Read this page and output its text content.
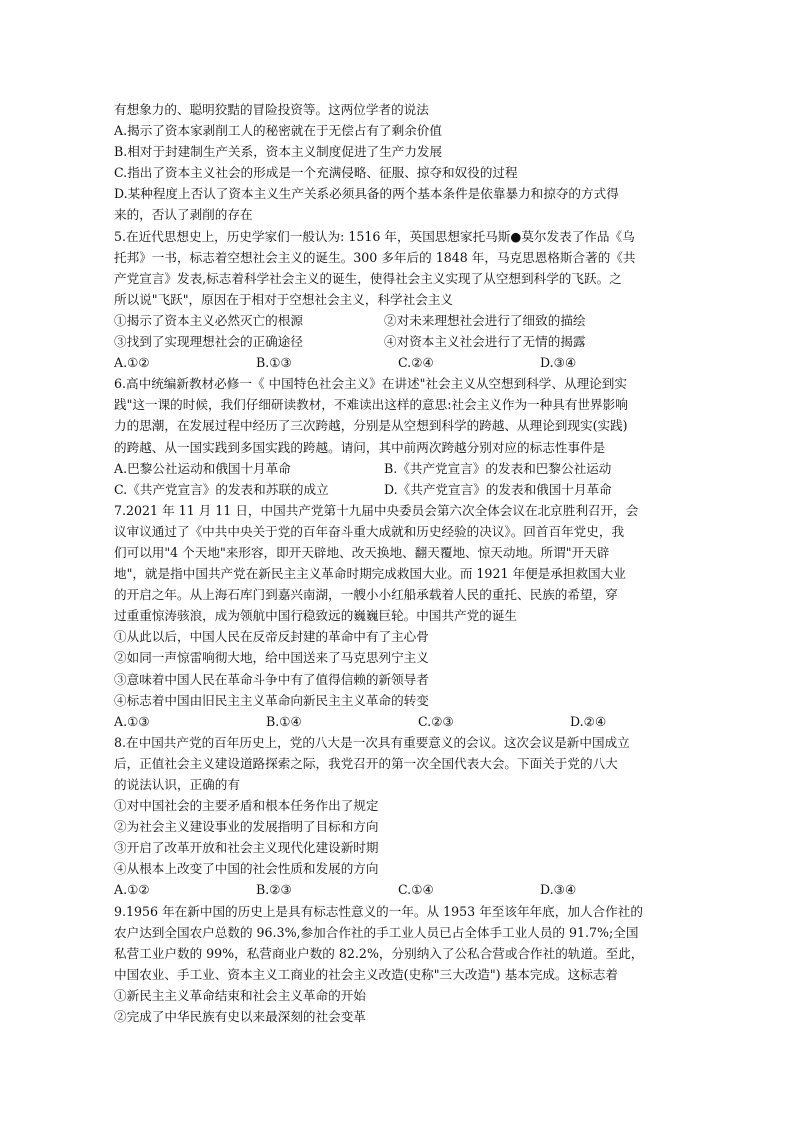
有想象力的、聪明狡黠的冒险投资等。这两位学者的说法
A.揭示了资本家剥削工人的秘密就在于无偿占有了剩余价值
B.相对于封建制生产关系，资本主义制度促进了生产力发展
C.指出了资本主义社会的形成是一个充满侵略、征服、掠夺和奴役的过程
D.某种程度上否认了资本主义生产关系必须具备的两个基本条件是依靠暴力和掠夺的方式得
来的，否认了剥削的存在
5.在近代思想史上，历史学家们一般认为: 1516 年，英国思想家托马斯●莫尔发表了作品《乌
托邦》一书，标志着空想社会主义的诞生。300 多年后的 1848 年，马克思恩格斯合著的《共
产党宣言》发表,标志着科学社会主义的诞生，使得社会主义实现了从空想到科学的飞跃。之
所以说"飞跃"，原因在于相对于空想社会主义，科学社会主义
①揭示了资本主义必然灭亡的根源	②对未来理想社会进行了细致的描绘
③找到了实现理想社会的正确途径	④对资本主义社会进行了无情的揭露
A.①②	B.①③	C.②④	D.③④
6.高中统编新教材必修一《 中国特色社会主义》在讲述"社会主义从空想到科学、从理论到实
践"这一课的时候，我们仔细研读教材，不难读出这样的意思:社会主义作为一种具有世界影响
力的思潮，在发展过程中经历了三次跨越，分别是从空想到科学的跨越、从理论到现实(实践)
的跨越、从一国实践到多国实践的跨越。请问，其中前两次跨越分别对应的标志性事件是
A.巴黎公社运动和俄国十月革命	B.《共产党宣言》的发表和巴黎公社运动
C.《共产党宣言》的发表和苏联的成立	D.《共产党宣言》的发表和俄国十月革命
7.2021 年 11 月 11 日，中国共产党第十九届中央委员会第六次全体会议在北京胜利召开，会
议审议通过了《中共中央关于党的百年奋斗重大成就和历史经验的决议》。回首百年党史，我
们可以用"4 个天地"来形容，即开天辟地、改天换地、翻天覆地、惊天动地。所谓"开天辟
地"，就是指中国共产党在新民主主义革命时期完成救国大业。而 1921 年便是承担救国大业
的开启之年。从上海石库门到嘉兴南湖，一艘小小红船承载着人民的重托、民族的希望，穿
过重重惊涛骇浪，成为领航中国行稳致远的巍巍巨轮。中国共产党的诞生
①从此以后，中国人民在反帝反封建的革命中有了主心骨
②如同一声惊雷响彻大地，给中国送来了马克思列宁主义
③意味着中国人民在革命斗争中有了值得信赖的新领导者
④标志着中国由旧民主主义革命向新民主主义革命的转变
A.①③	B.①④	C.②③	D.②④
8.在中国共产党的百年历史上，党的八大是一次具有重要意义的会议。这次会议是新中国成立
后，正值社会主义建设道路探索之际，我党召开的第一次全国代表大会。下面关于党的八大
的说法认识，正确的有
①对中国社会的主要矛盾和根本任务作出了规定
②为社会主义建设事业的发展指明了目标和方向
③开启了改革开放和社会主义现代化建设新时期
④从根本上改变了中国的社会性质和发展的方向
A.①②	B.②③	C.①④	D.③④
9.1956 年在新中国的历史上是具有标志性意义的一年。从 1953 年至该年年底，加人合作社的
农户达到全国农户总数的 96.3%,参加合作社的手工业人员已占全体手工业人员的 91.7%;全国
私营工业户数的 99%，私营商业户数的 82.2%，分别纳入了公私合营或合作社的轨道。至此，
中国农业、手工业、资本主义工商业的社会主义改造(史称"三大改造") 基本完成。这标志着
①新民主主义革命结束和社会主义革命的开始
②完成了中华民族有史以来最深刻的社会变革
